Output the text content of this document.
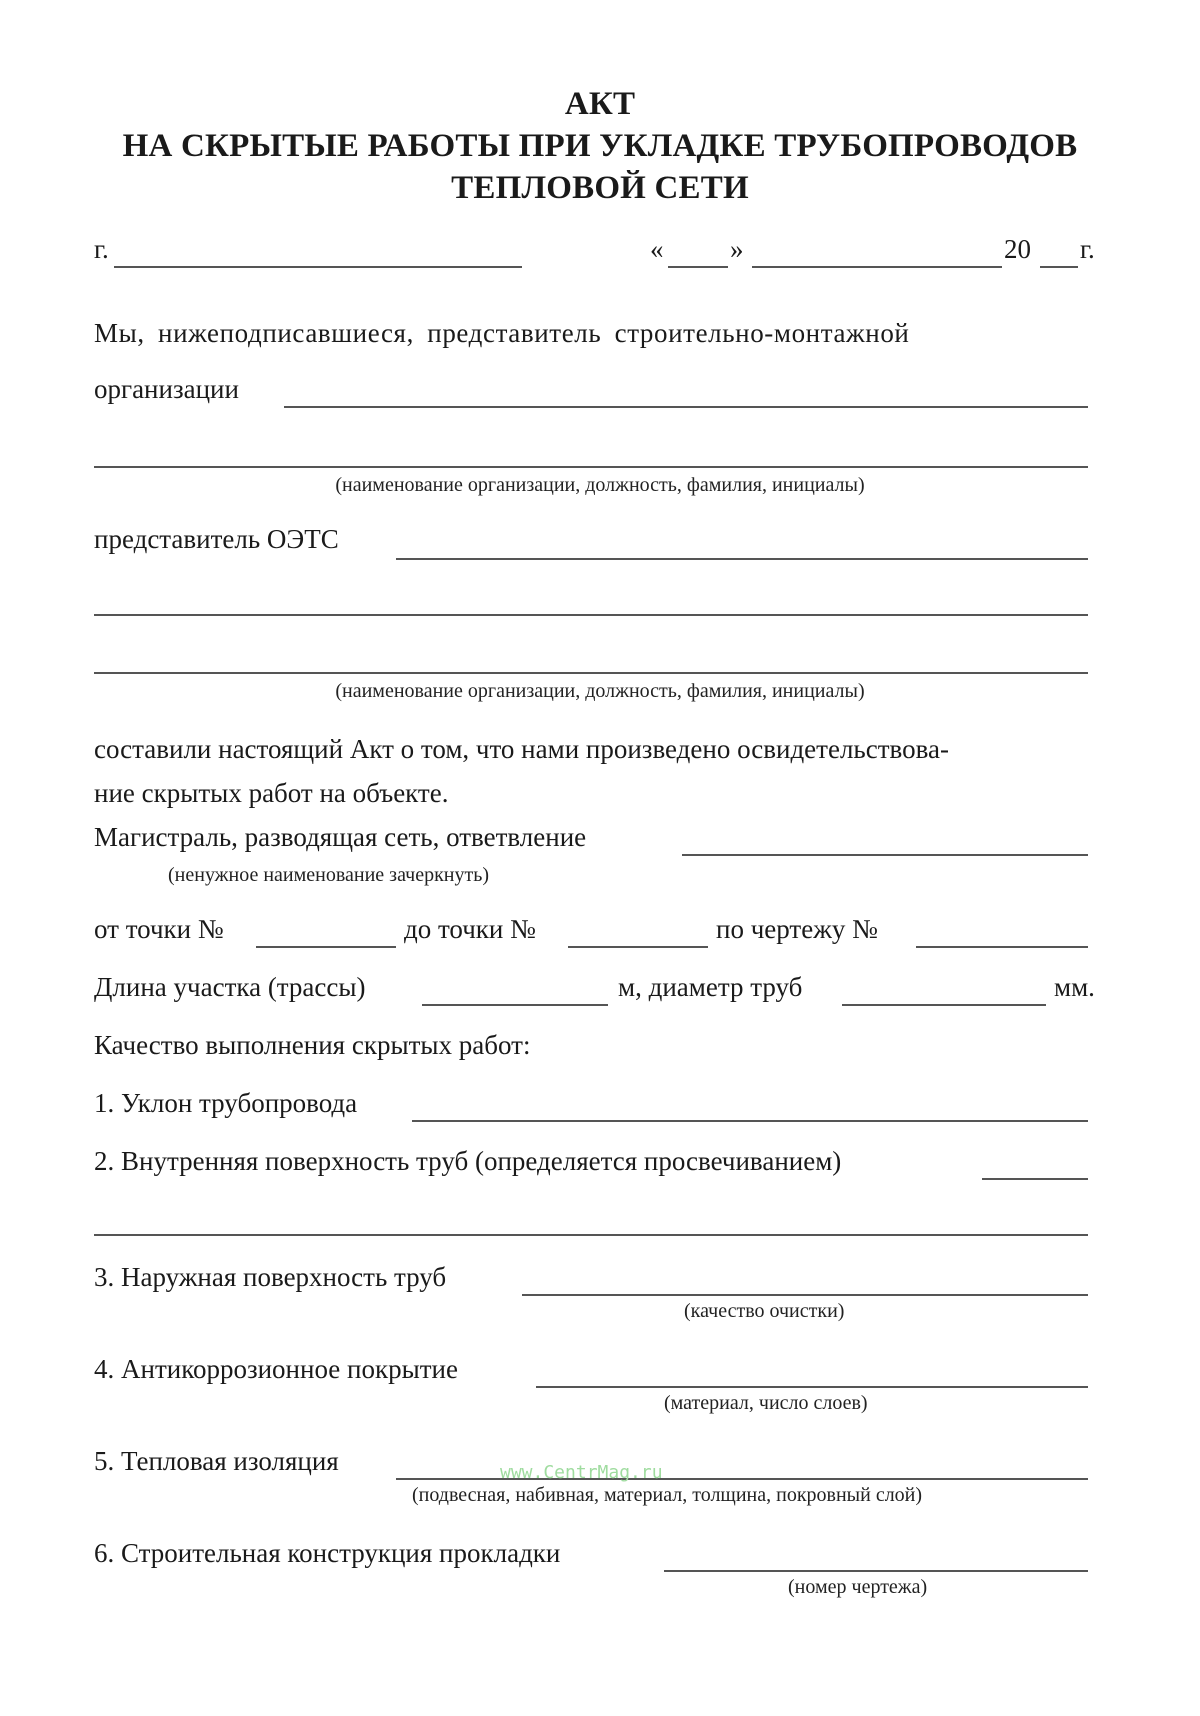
АКТ
НА СКРЫТЫЕ РАБОТЫ ПРИ УКЛАДКЕ ТРУБОПРОВОДОВ
ТЕПЛОВОЙ СЕТИ
г.	« »	20 г.
Мы, нижеподписавшиеся, представитель строительно-монтажной
организации
(наименование организации, должность, фамилия, инициалы)
представитель ОЭТС
(наименование организации, должность, фамилия, инициалы)
составили настоящий Акт о том, что нами произведено освидетельствова-
ние скрытых работ на объекте.
Магистраль, разводящая сеть, ответвление
(ненужное наименование зачеркнуть)
от точки №	до точки №	по чертежу №
Длина участка (трассы)	м, диаметр труб	мм.
Качество выполнения скрытых работ:
1. Уклон трубопровода
2. Внутренняя поверхность труб (определяется просвечиванием)
3. Наружная поверхность труб
(качество очистки)
4. Антикоррозионное покрытие
(материал, число слоев)
5. Тепловая изоляция	www.CentrMag.ru
(подвесная, набивная, материал, толщина, покровный слой)
6. Строительная конструкция прокладки
(номер чертежа)
